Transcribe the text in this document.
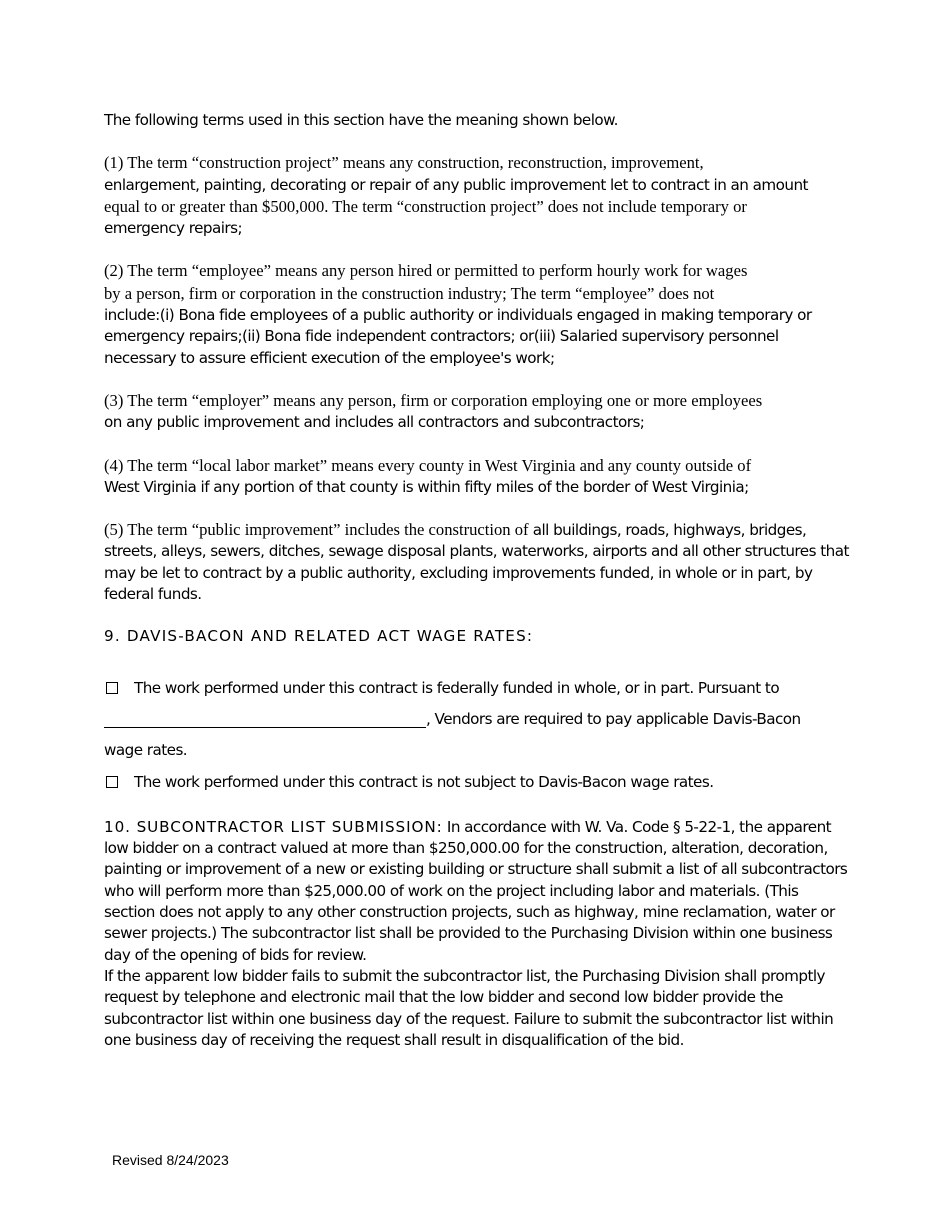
The following terms used in this section have the meaning shown below.

(1) The term “construction project” means any construction, reconstruction, improvement,
enlargement, painting, decorating or repair of any public improvement let to contract in an amount
equal to or greater than $500,000. The term “construction project” does not include temporary or
emergency repairs;

(2) The term “employee” means any person hired or permitted to perform hourly work for wages
by a person, firm or corporation in the construction industry; The term “employee” does not
include:(i) Bona fide employees of a public authority or individuals engaged in making temporary or emergency repairs;(ii) Bona fide independent contractors; or(iii) Salaried supervisory personnel necessary to assure efficient execution of the employee's work;

(3) The term “employer” means any person, firm or corporation employing one or more employees
on any public improvement and includes all contractors and subcontractors;

(4) The term “local labor market” means every county in West Virginia and any county outside of
West Virginia if any portion of that county is within fifty miles of the border of West Virginia;

(5) The term “public improvement” includes the construction of all buildings, roads, highways, bridges, streets, alleys, sewers, ditches, sewage disposal plants, waterworks, airports and all other structures that may be let to contract by a public authority, excluding improvements funded, in whole or in part, by federal funds.

9. DAVIS-BACON AND RELATED ACT WAGE RATES:

The work performed under this contract is federally funded in whole, or in part. Pursuant to
, Vendors are required to pay applicable Davis-Bacon

wage rates.

The work performed under this contract is not subject to Davis-Bacon wage rates.

10. SUBCONTRACTOR LIST SUBMISSION: In accordance with W. Va. Code § 5-22-1, the apparent low bidder on a contract valued at more than $250,000.00 for the construction, alteration, decoration, painting or improvement of a new or existing building or structure shall submit a list of all subcontractors who will perform more than $25,000.00 of work on the project including labor and materials. (This section does not apply to any other construction projects, such as highway, mine reclamation, water or sewer projects.) The subcontractor list shall be provided to the Purchasing Division within one business day of the opening of bids for review.

If the apparent low bidder fails to submit the subcontractor list, the Purchasing Division shall promptly request by telephone and electronic mail that the low bidder and second low bidder provide the subcontractor list within one business day of the request. Failure to submit the subcontractor list within one business day of receiving the request shall result in disqualification of the bid.

Revised 8/24/2023
